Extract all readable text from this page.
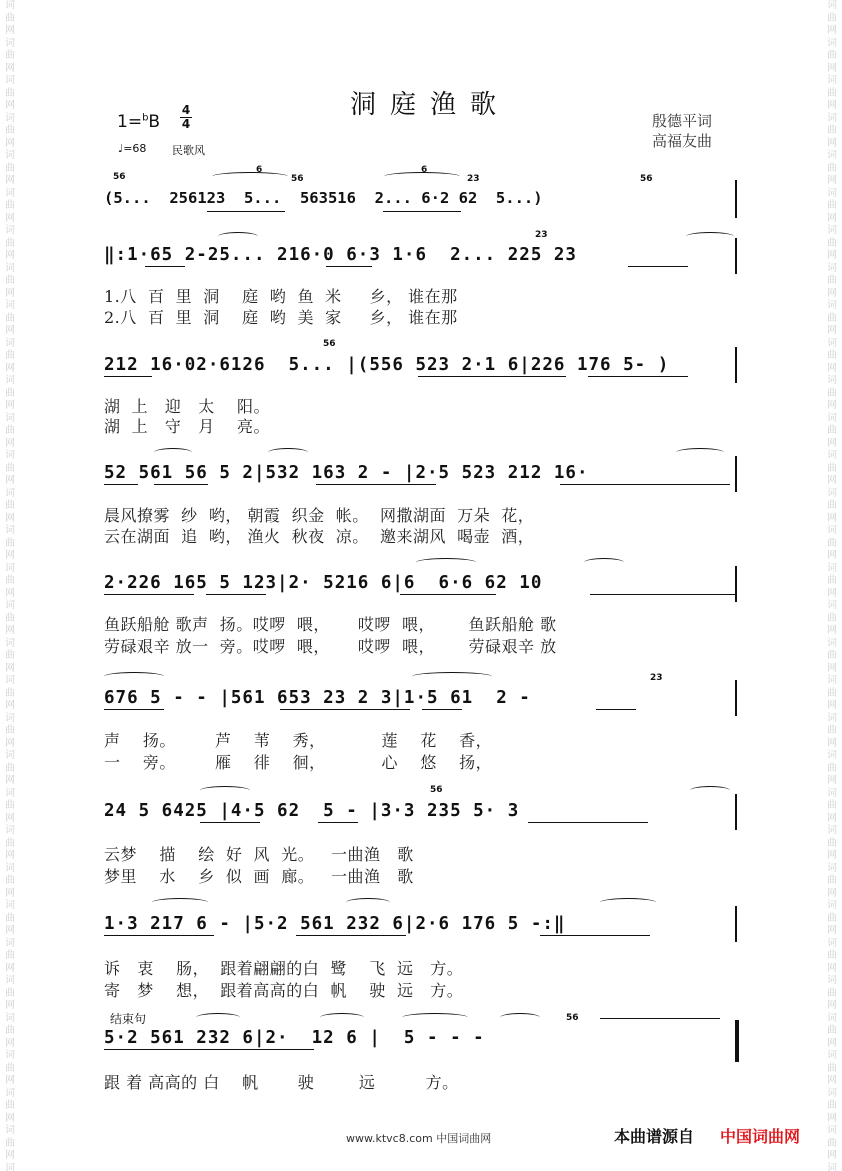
词
曲
网
词
曲
网
词
曲
网
词
曲
网
词
曲
网
词
曲
网
词
曲
网
词
曲
网
词
曲
网
词
曲
网
词
曲
网
词
曲
网
词
曲
网
词
曲
网
词
曲
网
词
曲
网
词
曲
网
词
曲
网
词
曲
网
词
曲
网
词
曲
网
词
曲
网
词
曲
网
词
曲
网
词
曲
网
词
曲
网
词
曲
网
词
曲
网
词
曲
网
词
曲
网
词
曲
网
词

词
曲
网
词
曲
网
词
曲
网
词
曲
网
词
曲
网
词
曲
网
词
曲
网
词
曲
网
词
曲
网
词
曲
网
词
曲
网
词
曲
网
词
曲
网
词
曲
网
词
曲
网
词
曲
网
词
曲
网
词
曲
网
词
曲
网
词
曲
网
词
曲
网
词
曲
网
词
曲
网
词
曲
网
词
曲
网
词
曲
网
词
曲
网
词
曲
网
词
曲
网
词
曲
网
词
曲
网
词

洞庭渔歌
1=$^b$B
4
4
♩=68 民歌风
殷德平词
高福友曲
56
6
56
6
23	56
(5...  256123  5...  563516  2... 6·2 62  5...)
23
‖:1·65 2-25... 216·0 6·3 1·6  2... 225 23
1.八  百  里  洞    庭  哟  鱼  米     乡， 谁在那
2.八  百  里  洞    庭  哟  美  家     乡， 谁在那
56
212 16·02·6126  5... |(556 523 2·1 6|226 176 5- )
湖  上   迎   太    阳。
湖  上   守   月    亮。
52 561 56 5 2|532 163 2 - |2·5 523 212 16·
晨风撩雾  纱  哟， 朝霞  织金  帐。  网撒湖面  万朵  花，
云在湖面  追  哟， 渔火  秋夜  凉。  邀来湖风  喝壶  酒，
2·226 165 5 123|2· 5216 6|6  6·6 62 10
鱼跃船舱 歌声  扬。哎啰  喂，     哎啰  喂，      鱼跃船舱 歌
劳碌艰辛 放一  旁。哎啰  喂，     哎啰  喂，      劳碌艰辛 放
23
676 5 - - |561 653 23 2 3|1·5 61  2 -
声    扬。       芦    苇    秀，          莲    花    香，
一    旁。       雁    徘    徊，          心    悠    扬，
56
24 5 6425 |4·5 62  5 - |3·3 235 5· 3
云梦    描    绘  好  风  光。   一曲渔   歌
梦里    水    乡  似  画  廊。   一曲渔   歌
1·3 217 6 - |5·2 561 232 6|2·6 176 5 -:‖
诉   衷    肠，  跟着翩翩的白  鹭    飞  远   方。
寄   梦    想，  跟着高高的白  帆    驶  远   方。
结束句	56
5·2 561 232 6|2·  12 6 |  5 - - -
跟 着 高高的 白    帆       驶        远         方。
www.ktvc8.com 中国词曲网	本曲谱源自 中国词曲网
